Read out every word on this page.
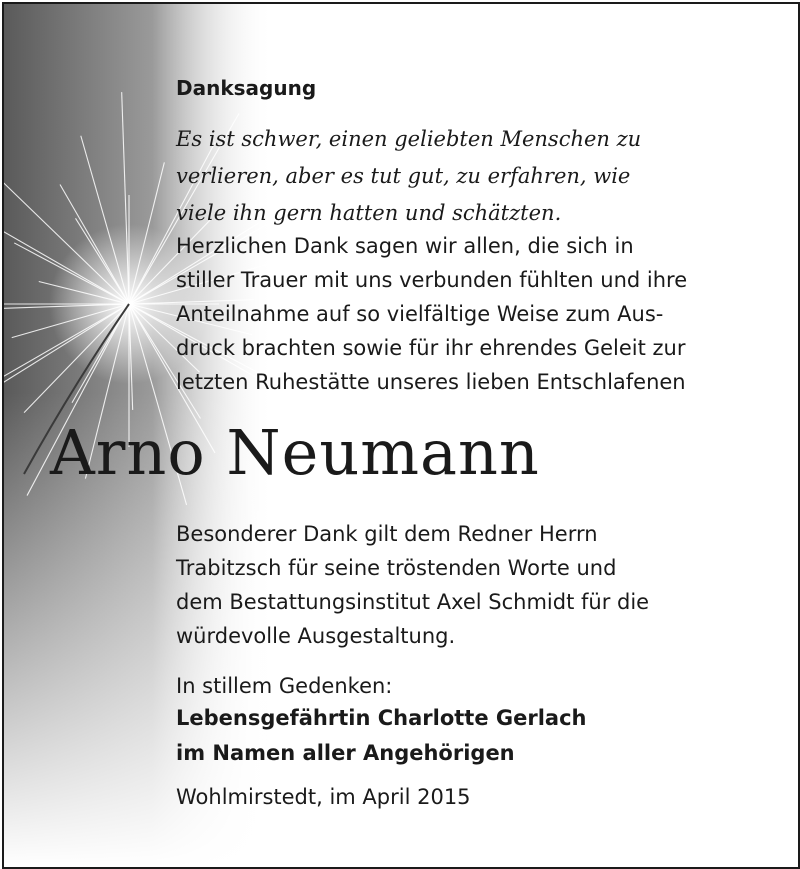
Danksagung

Es ist schwer, einen geliebten Menschen zu
verlieren, aber es tut gut, zu erfahren, wie
viele ihn gern hatten und schätzten.

Herzlichen Dank sagen wir allen, die sich in
stiller Trauer mit uns verbunden fühlten und ihre
Anteilnahme auf so vielfältige Weise zum Aus-
druck brachten sowie für ihr ehrendes Geleit zur
letzten Ruhestätte unseres lieben Entschlafenen

Arno Neumann

Besonderer Dank gilt dem Redner Herrn
Trabitzsch für seine tröstenden Worte und
dem Bestattungsinstitut Axel Schmidt für die
würdevolle Ausgestaltung.

In stillem Gedenken:

Lebensgefährtin Charlotte Gerlach

im Namen aller Angehörigen

Wohlmirstedt, im April 2015
